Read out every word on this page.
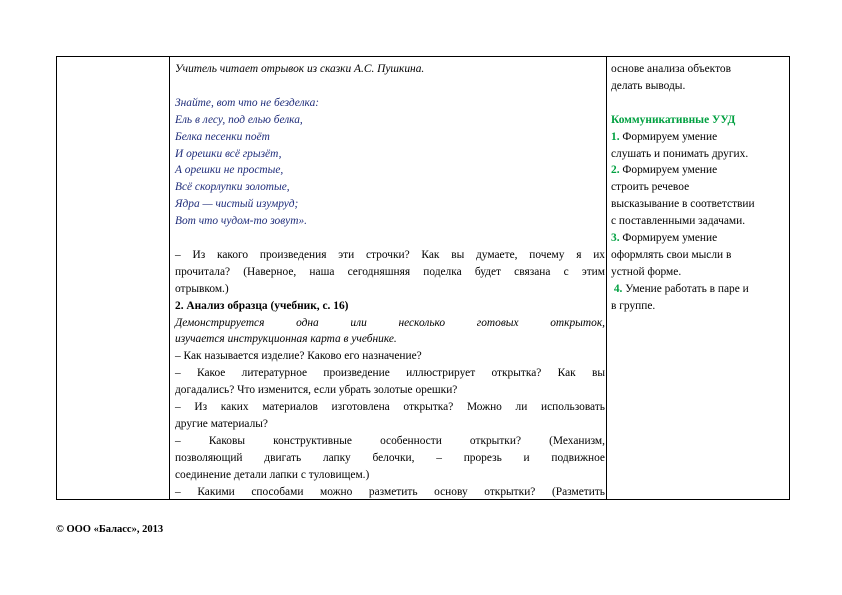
Учитель читает отрывок из сказки А.С. Пушкина.
Знайте, вот что не безделка:
Ель в лесу, под елью белка,
Белка песенки поёт
И орешки всё грызёт,
А орешки не простые,
Всё скорлупки золотые,
Ядра — чистый изумруд;
Вот что чудом-то зовут».
– Из какого произведения эти строчки? Как вы думаете, почему я их
прочитала? (Наверное, наша сегодняшняя поделка будет связана с этим
отрывком.)
2. Анализ образца (учебник, с. 16)
Демонстрируется одна или несколько готовых открыток,
изучается инструкционная карта в учебнике.
– Как называется изделие? Каково его назначение?
– Какое литературное произведение иллюстрирует открытка? Как вы
догадались? Что изменится, если убрать золотые орешки?
– Из каких материалов изготовлена открытка? Можно ли использовать
другие материалы?
– Каковы конструктивные особенности открытки? (Механизм,
позволяющий двигать лапку белочки, – прорезь и подвижное
соединение детали лапки с туловищем.)
– Какими способами можно разметить основу открытки? (Разметить
основе анализа объектов
делать выводы.
Коммуникативные УУД
1. Формируем умение
слушать и понимать других.
2. Формируем умение
строить речевое
высказывание в соответствии
с поставленными задачами.
3. Формируем умение
оформлять свои мысли в
устной форме.
4. Умение работать в паре и
в группе.
© ООО «Баласс», 2013
